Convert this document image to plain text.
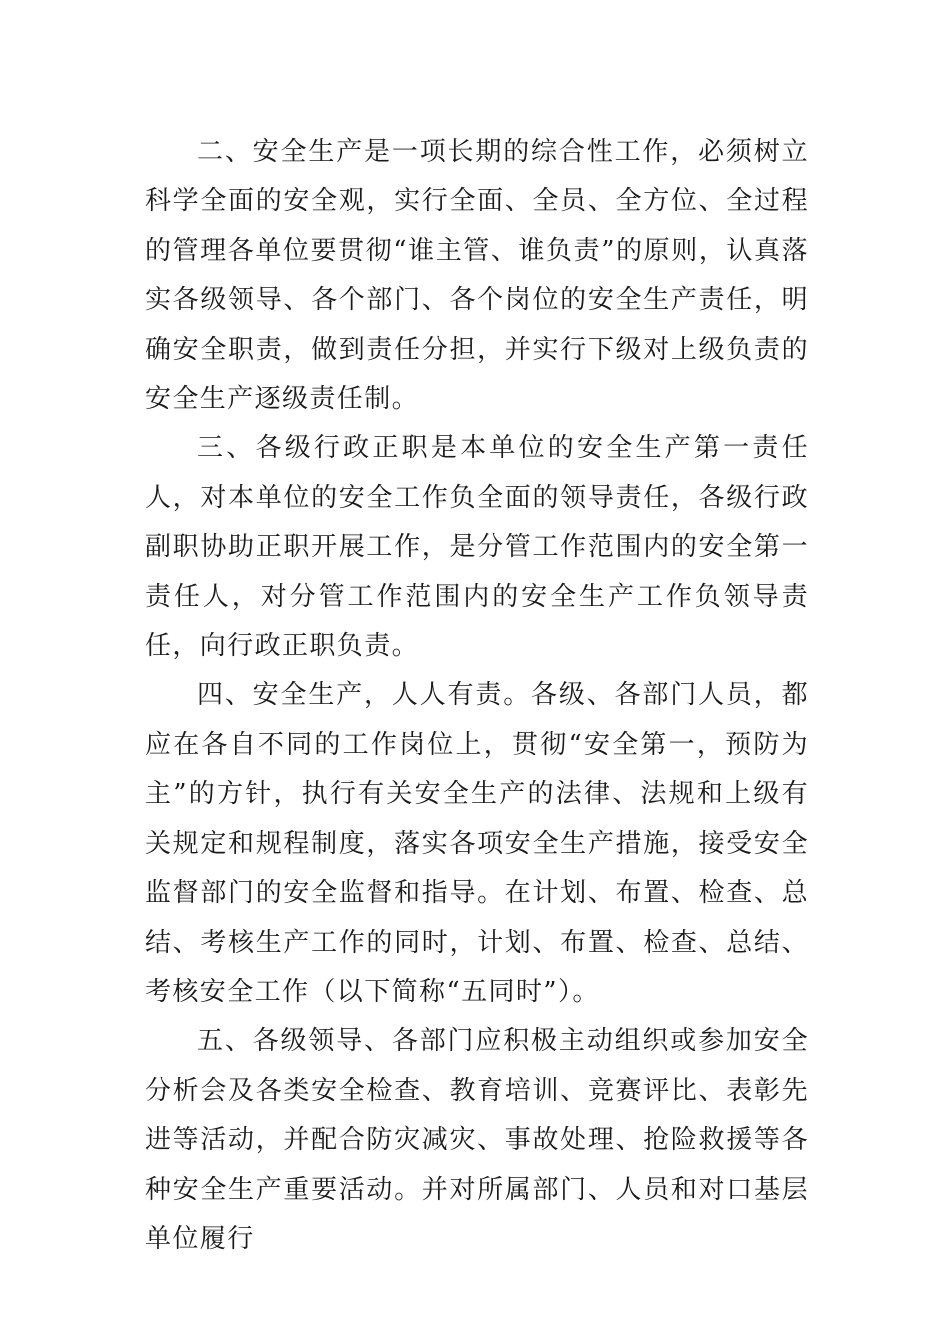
二、安全生产是一项长期的综合性工作，必须树立科学全面的安全观，实行全面、全员、全方位、全过程的管理各单位要贯彻“谁主管、谁负责”的原则，认真落实各级领导、各个部门、各个岗位的安全生产责任，明确安全职责，做到责任分担，并实行下级对上级负责的安全生产逐级责任制。

三、各级行政正职是本单位的安全生产第一责任人，对本单位的安全工作负全面的领导责任，各级行政副职协助正职开展工作，是分管工作范围内的安全第一责任人，对分管工作范围内的安全生产工作负领导责任，向行政正职负责。

四、安全生产，人人有责。各级、各部门人员，都应在各自不同的工作岗位上，贯彻“安全第一，预防为主”的方针，执行有关安全生产的法律、法规和上级有关规定和规程制度，落实各项安全生产措施，接受安全监督部门的安全监督和指导。在计划、布置、检查、总结、考核生产工作的同时，计划、布置、检查、总结、考核安全工作（以下简称“五同时”）。

五、各级领导、各部门应积极主动组织或参加安全分析会及各类安全检查、教育培训、竞赛评比、表彰先进等活动，并配合防灾减灾、事故处理、抢险救援等各种安全生产重要活动。并对所属部门、人员和对口基层单位履行
